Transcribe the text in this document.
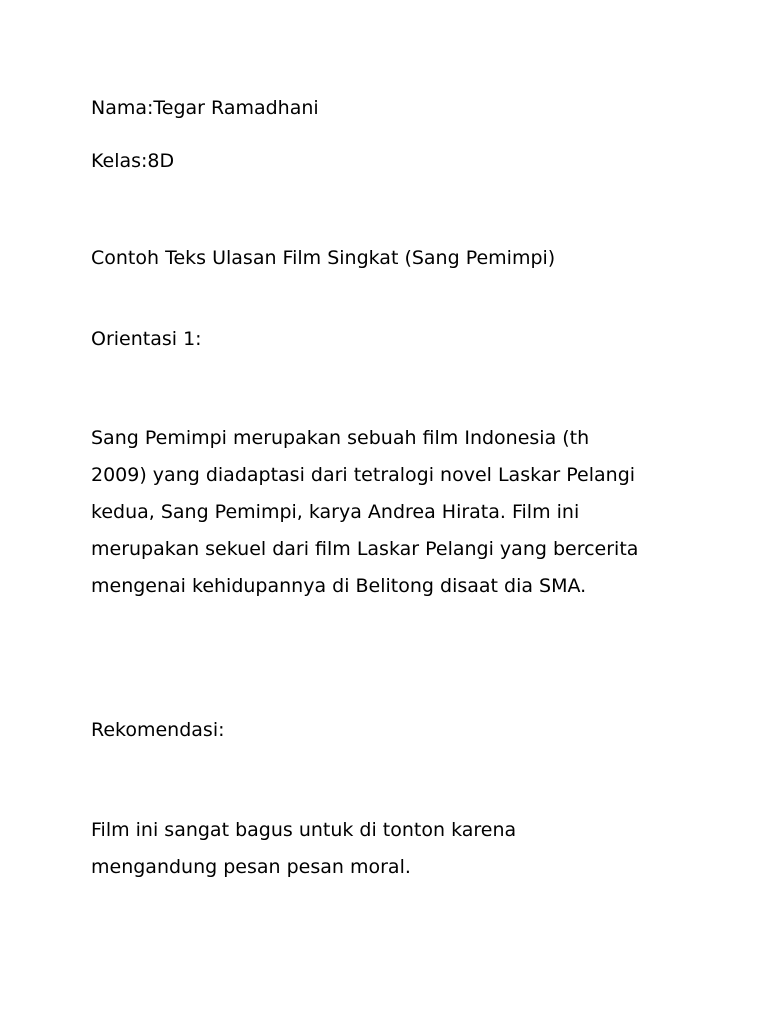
Nama:Tegar Ramadhani

Kelas:8D

Contoh Teks Ulasan Film Singkat (Sang Pemimpi)
Orientasi 1:
Sang Pemimpi merupakan sebuah film Indonesia (th
2009) yang diadaptasi dari tetralogi novel Laskar Pelangi
kedua, Sang Pemimpi, karya Andrea Hirata. Film ini
merupakan sekuel dari film Laskar Pelangi yang bercerita
mengenai kehidupannya di Belitong disaat dia SMA.
Rekomendasi:
Film ini sangat bagus untuk di tonton karena
mengandung pesan pesan moral.
